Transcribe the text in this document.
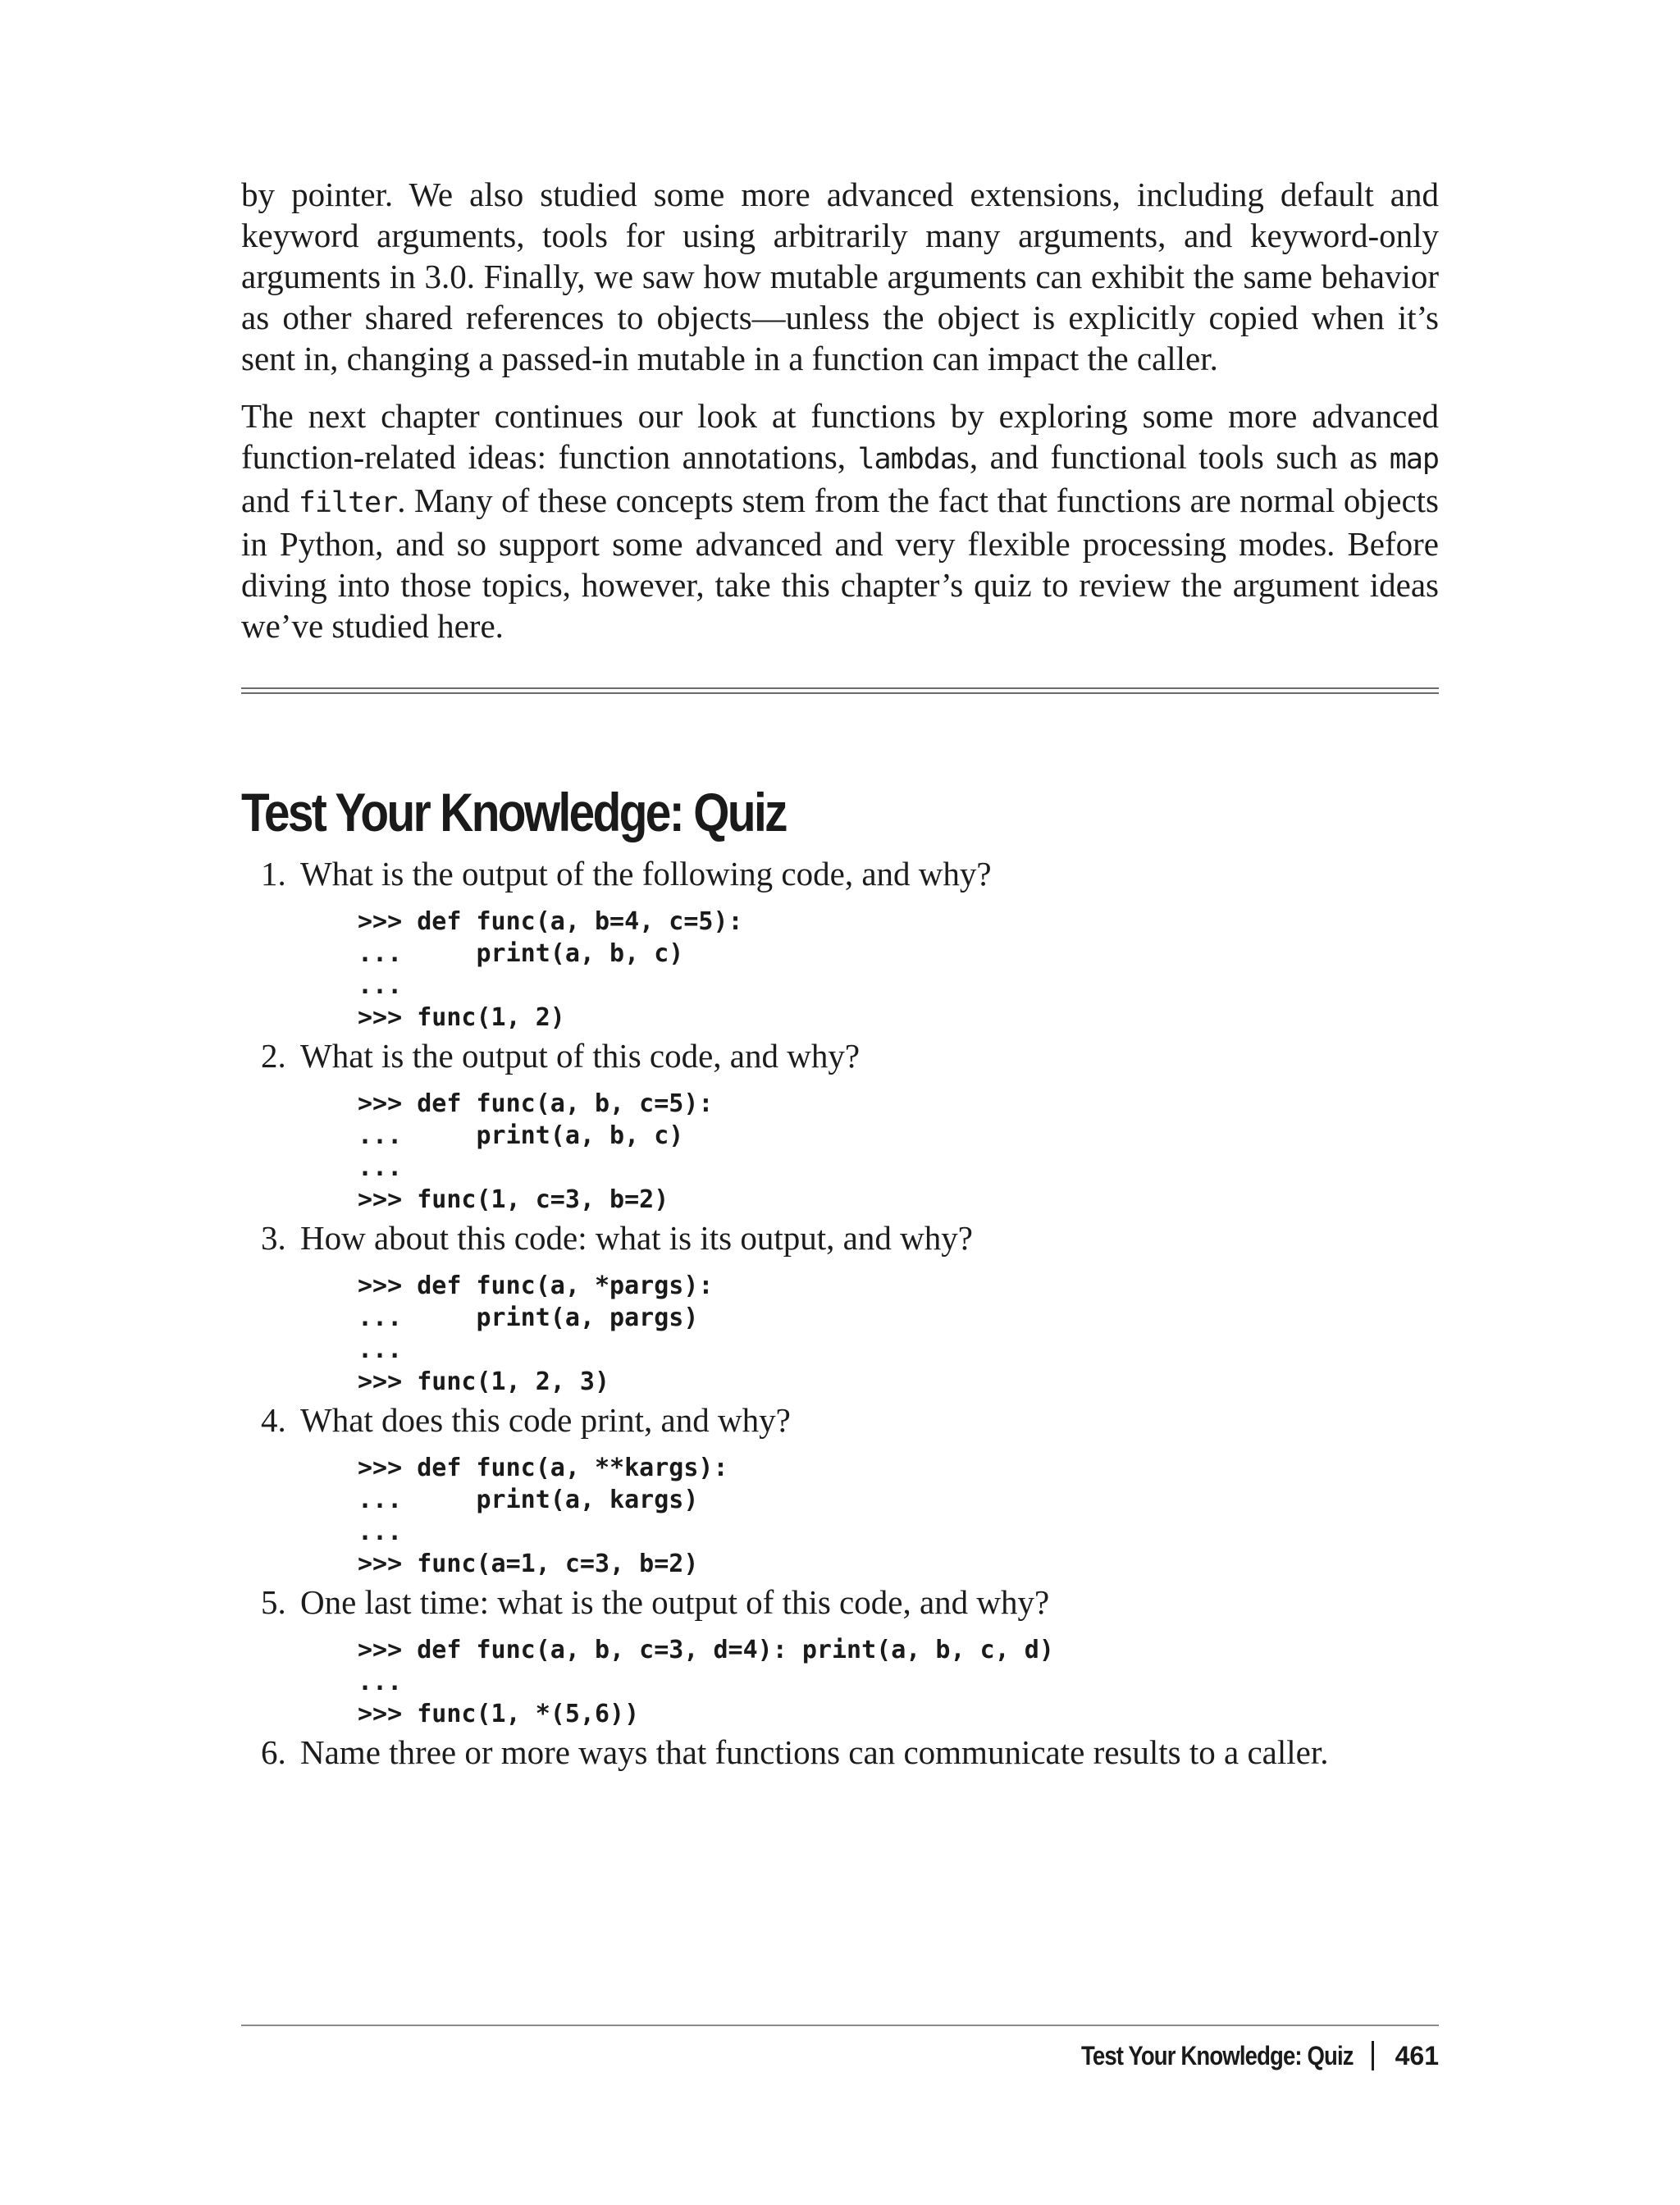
by pointer. We also studied some more advanced extensions, including default and keyword arguments, tools for using arbitrarily many arguments, and keyword-only arguments in 3.0. Finally, we saw how mutable arguments can exhibit the same behavior as other shared references to objects—unless the object is explicitly copied when it’s sent in, changing a passed-in mutable in a function can impact the caller.

The next chapter continues our look at functions by exploring some more advanced function-related ideas: function annotations, lambdas, and functional tools such as map and filter. Many of these concepts stem from the fact that functions are normal objects in Python, and so support some advanced and very flexible processing modes. Before diving into those topics, however, take this chapter’s quiz to review the argument ideas we’ve studied here.

Test Your Knowledge: Quiz
1. What is the output of the following code, and why?
>>> def func(a, b=4, c=5):
...     print(a, b, c)
...
>>> func(1, 2)
2. What is the output of this code, and why?
>>> def func(a, b, c=5):
...     print(a, b, c)
...
>>> func(1, c=3, b=2)
3. How about this code: what is its output, and why?
>>> def func(a, *pargs):
...     print(a, pargs)
...
>>> func(1, 2, 3)
4. What does this code print, and why?
>>> def func(a, **kargs):
...     print(a, kargs)
...
>>> func(a=1, c=3, b=2)
5. One last time: what is the output of this code, and why?
>>> def func(a, b, c=3, d=4): print(a, b, c, d)
...
>>> func(1, *(5,6))
6. Name three or more ways that functions can communicate results to a caller.
Test Your Knowledge: Quiz 461
